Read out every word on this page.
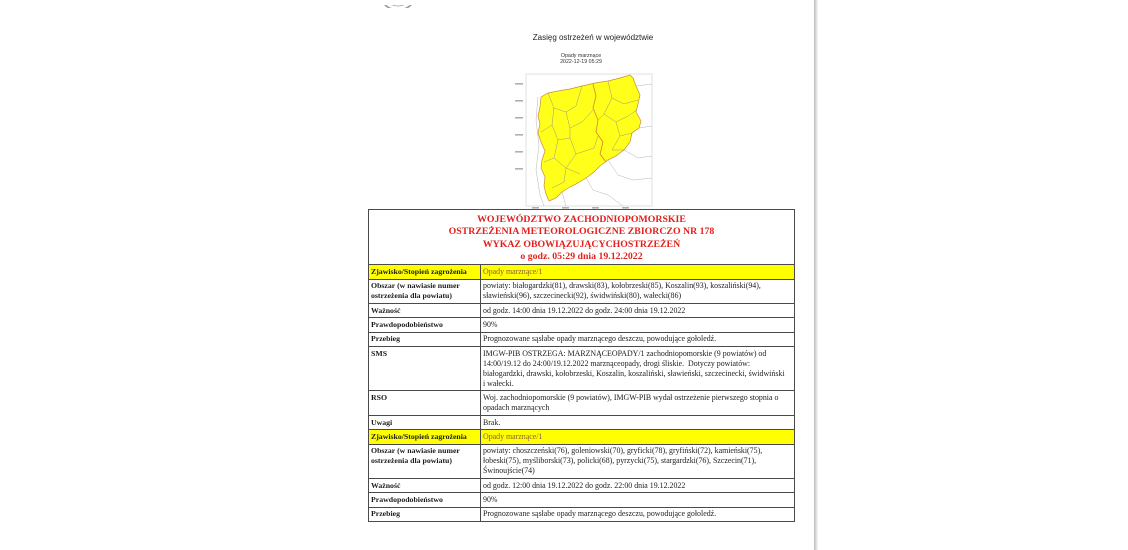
Zasięg ostrzeżeń w województwie
Opady marznące
2022-12-19 05:29
WOJEWÓDZTWO ZACHODNIOPOMORSKIE
OSTRZEŻENIA METEOROLOGICZNE ZBIORCZO NR 178
WYKAZ OBOWIĄZUJĄCYCHOSTRZEŻEŃ
o godz. 05:29 dnia 19.12.2022	

Zjawisko/Stopień zagrożenia	Opady marznące/1

Obszar (w nawiasie numer
ostrzeżenia dla powiatu)	powiaty: białogardzki(81), drawski(83), kołobrzeski(85), Koszalin(93), koszaliński(94),
sławieński(96), szczecinecki(92), świdwiński(80), wałecki(86)

Ważność	od godz. 14:00 dnia 19.12.2022 do godz. 24:00 dnia 19.12.2022

Prawdopodobieństwo	90%

Przebieg	Prognozowane sąsłabe opady marznącego deszczu, powodujące gołoledź.

SMS	IMGW-PIB OSTRZEGA: MARZNĄCEOPADY/1 zachodniopomorskie (9 powiatów) od
14:00/19.12 do 24:00/19.12.2022 marznąceopady, drogi śliskie.  Dotyczy powiatów:
białogardzki, drawski, kołobrzeski, Koszalin, koszaliński, sławieński, szczecinecki, świdwiński
i wałecki.

RSO	Woj. zachodniopomorskie (9 powiatów), IMGW-PIB wydał ostrzeżenie pierwszego stopnia o
opadach marznących

Uwagi	Brak.

Zjawisko/Stopień zagrożenia	Opady marznące/1

Obszar (w nawiasie numer
ostrzeżenia dla powiatu)	powiaty: choszczeński(76), goleniowski(70), gryficki(78), gryfiński(72), kamieński(75),
łobeski(75), myśliborski(73), policki(68), pyrzycki(75), stargardzki(76), Szczecin(71),
Świnoujście(74)

Ważność	od godz. 12:00 dnia 19.12.2022 do godz. 22:00 dnia 19.12.2022

Prawdopodobieństwo	90%

Przebieg	Prognozowane sąsłabe opady marznącego deszczu, powodujące gołoledź.
